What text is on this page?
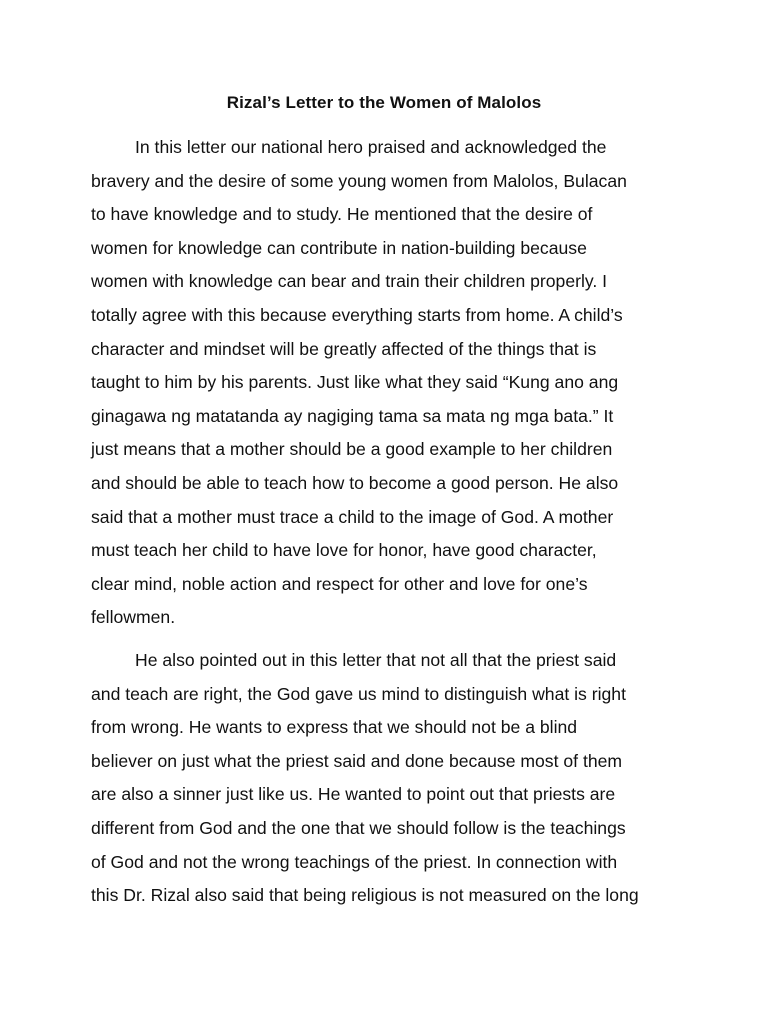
Rizal’s Letter to the Women of Malolos
In this letter our national hero praised and acknowledged the
bravery and the desire of some young women from Malolos, Bulacan
to have knowledge and to study. He mentioned that the desire of
women for knowledge can contribute in nation-building because
women with knowledge can bear and train their children properly. I
totally agree with this because everything starts from home. A child’s
character and mindset will be greatly affected of the things that is
taught to him by his parents. Just like what they said “Kung ano ang
ginagawa ng matatanda ay nagiging tama sa mata ng mga bata.” It
just means that a mother should be a good example to her children
and should be able to teach how to become a good person. He also
said that a mother must trace a child to the image of God. A mother
must teach her child to have love for honor, have good character,
clear mind, noble action and respect for other and love for one’s
fellowmen.
He also pointed out in this letter that not all that the priest said
and teach are right, the God gave us mind to distinguish what is right
from wrong. He wants to express that we should not be a blind
believer on just what the priest said and done because most of them
are also a sinner just like us. He wanted to point out that priests are
different from God and the one that we should follow is the teachings
of God and not the wrong teachings of the priest. In connection with
this Dr. Rizal also said that being religious is not measured on the long
